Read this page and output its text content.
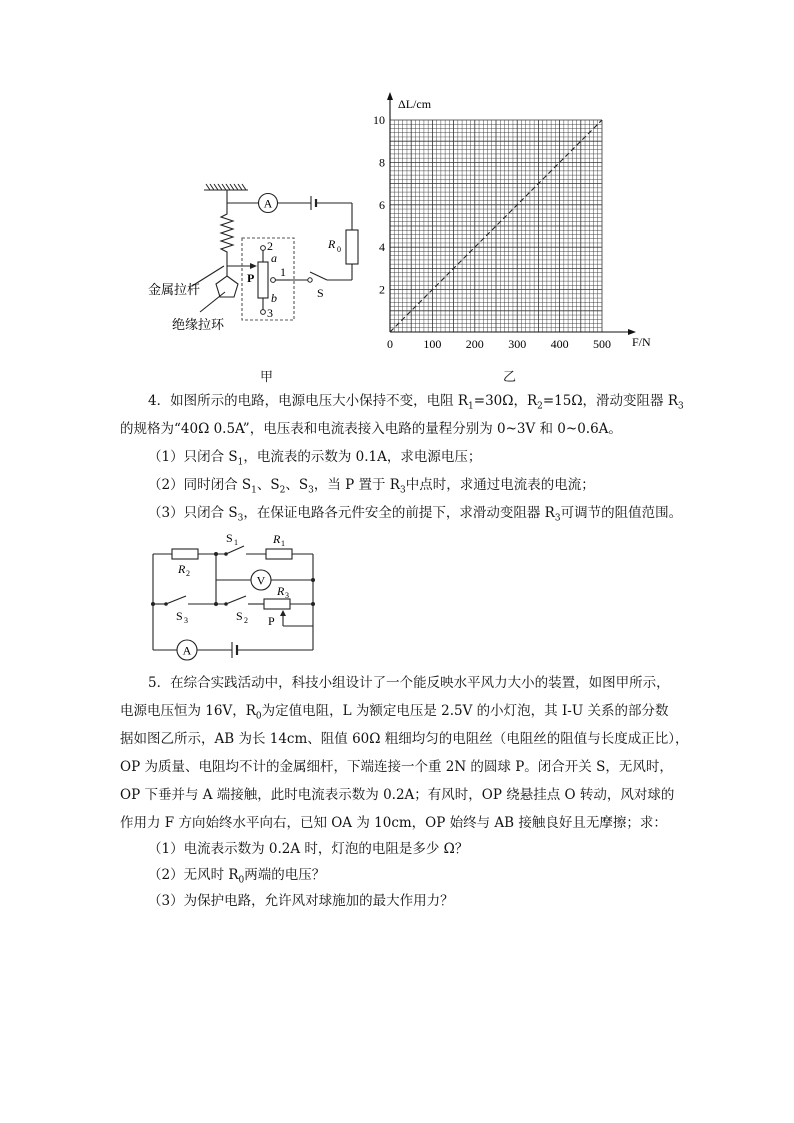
A
R 0
S
2
1
3
a
b
P
金属拉杆
绝缘拉环
甲
ΔL/cm
F/N
0	100 200 300 400 500
2
4
6
8
10
乙
4．如图所示的电路，电源电压大小保持不变，电阻 $R_1=30\Omega$，$R_2=15\Omega$，滑动变阻器 $R_3$
的规格为“40Ω 0.5A”，电压表和电流表接入电路的量程分别为 0~3V 和 0~0.6A。
（1）只闭合 $S_1$，电流表的示数为 0.1A，求电源电压；
（2）同时闭合 $S_1$、$S_2$、$S_3$，当 P 置于 $R_3$中点时，求通过电流表的电流；
（3）只闭合 $S_3$，在保证电路各元件安全的前提下，求滑动变阻器 $R_3$可调节的阻值范围。
V
A
S 1	R 1
R 2
R 3
S 3	S 2 P
5．在综合实践活动中，科技小组设计了一个能反映水平风力大小的装置，如图甲所示，
电源电压恒为 16V，$R_0$为定值电阻，L 为额定电压是 2.5V 的小灯泡，其 I-U 关系的部分数
据如图乙所示，AB 为长 14cm、阻值 60Ω 粗细均匀的电阻丝（电阻丝的阻值与长度成正比），
OP 为质量、电阻均不计的金属细杆，下端连接一个重 2N 的圆球 P。闭合开关 S，无风时，
OP 下垂并与 A 端接触，此时电流表示数为 0.2A；有风时，OP 绕悬挂点 O 转动，风对球的
作用力 F 方向始终水平向右，已知 OA 为 10cm，OP 始终与 AB 接触良好且无摩擦；求：
（1）电流表示数为 0.2A 时，灯泡的电阻是多少 Ω？
（2）无风时 $R_0$两端的电压？
（3）为保护电路，允许风对球施加的最大作用力？
